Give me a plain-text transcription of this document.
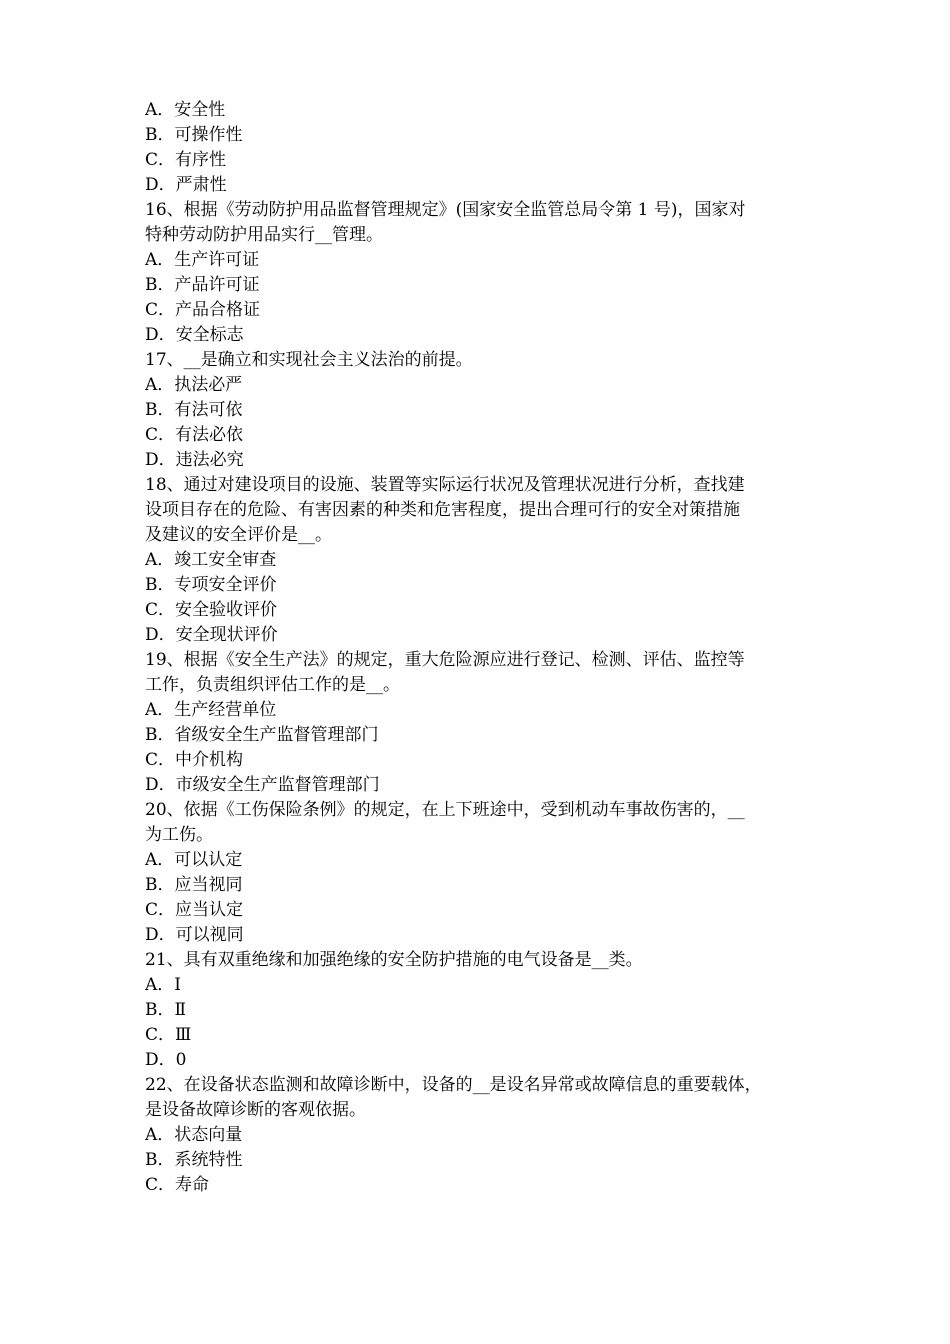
A．安全性
B．可操作性
C．有序性
D．严肃性
16、根据《劳动防护用品监督管理规定》(国家安全监管总局令第 1 号)，国家对
特种劳动防护用品实行__管理。
A．生产许可证
B．产品许可证
C．产品合格证
D．安全标志
17、__是确立和实现社会主义法治的前提。
A．执法必严
B．有法可依
C．有法必依
D．违法必究
18、通过对建设项目的设施、装置等实际运行状况及管理状况进行分析，查找建
设项目存在的危险、有害因素的种类和危害程度，提出合理可行的安全对策措施
及建议的安全评价是__。
A．竣工安全审查
B．专项安全评价
C．安全验收评价
D．安全现状评价
19、根据《安全生产法》的规定，重大危险源应进行登记、检测、评估、监控等
工作，负责组织评估工作的是__。
A．生产经营单位
B．省级安全生产监督管理部门
C．中介机构
D．市级安全生产监督管理部门
20、依据《工伤保险条例》的规定，在上下班途中，受到机动车事故伤害的，__
为工伤。
A．可以认定
B．应当视同
C．应当认定
D．可以视同
21、具有双重绝缘和加强绝缘的安全防护措施的电气设备是__类。
A．Ⅰ
B．Ⅱ
C．Ⅲ
D．0
22、在设备状态监测和故障诊断中，设备的__是设名异常或故障信息的重要载体，
是设备故障诊断的客观依据。
A．状态向量
B．系统特性
C．寿命
